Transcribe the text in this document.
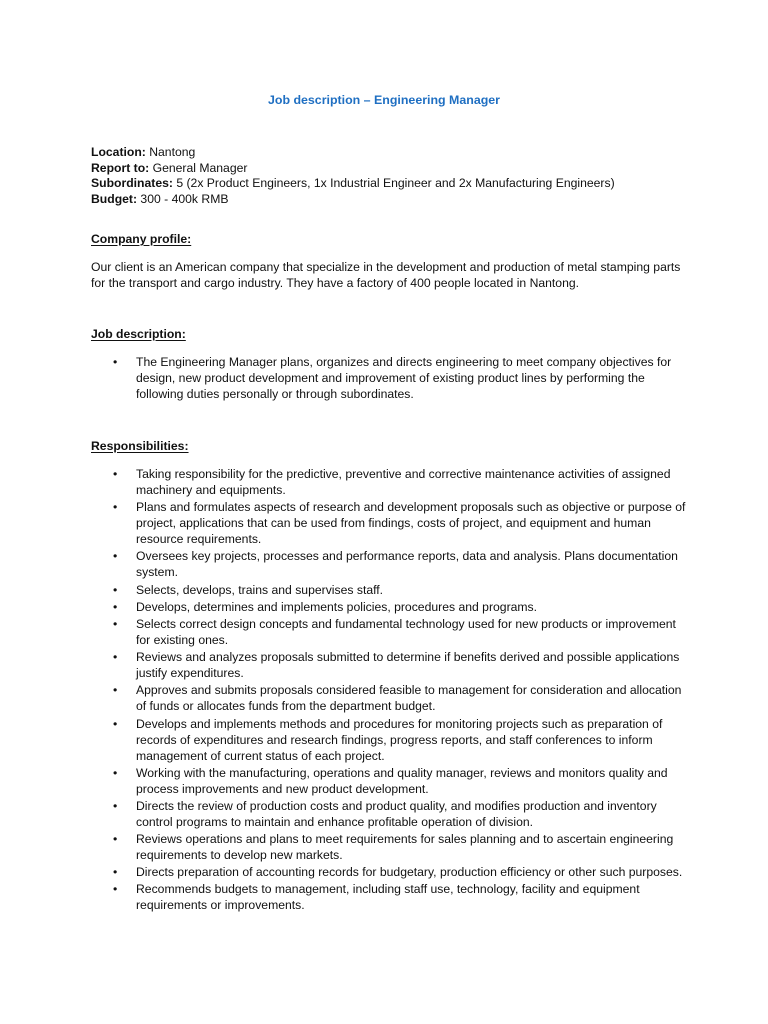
Job description – Engineering Manager
Location: Nantong
Report to: General Manager
Subordinates: 5 (2x Product Engineers, 1x Industrial Engineer and 2x Manufacturing Engineers)
Budget: 300 - 400k RMB
Company profile:
Our client is an American company that specialize in the development and production of metal stamping parts for the transport and cargo industry. They have a factory of 400 people located in Nantong.
Job description:
• The Engineering Manager plans, organizes and directs engineering to meet company objectives for design, new product development and improvement of existing product lines by performing the following duties personally or through subordinates.
Responsibilities:
• Taking responsibility for the predictive, preventive and corrective maintenance activities of assigned machinery and equipments.
• Plans and formulates aspects of research and development proposals such as objective or purpose of project, applications that can be used from findings, costs of project, and equipment and human resource requirements.
• Oversees key projects, processes and performance reports, data and analysis. Plans documentation system.
• Selects, develops, trains and supervises staff.
• Develops, determines and implements policies, procedures and programs.
• Selects correct design concepts and fundamental technology used for new products or improvement for existing ones.
• Reviews and analyzes proposals submitted to determine if benefits derived and possible applications justify expenditures.
• Approves and submits proposals considered feasible to management for consideration and allocation of funds or allocates funds from the department budget.
• Develops and implements methods and procedures for monitoring projects such as preparation of records of expenditures and research findings, progress reports, and staff conferences to inform management of current status of each project.
• Working with the manufacturing, operations and quality manager, reviews and monitors quality and process improvements and new product development.
• Directs the review of production costs and product quality, and modifies production and inventory control programs to maintain and enhance profitable operation of division.
• Reviews operations and plans to meet requirements for sales planning and to ascertain engineering requirements to develop new markets.
• Directs preparation of accounting records for budgetary, production efficiency or other such purposes.
• Recommends budgets to management, including staff use, technology, facility and equipment requirements or improvements.
